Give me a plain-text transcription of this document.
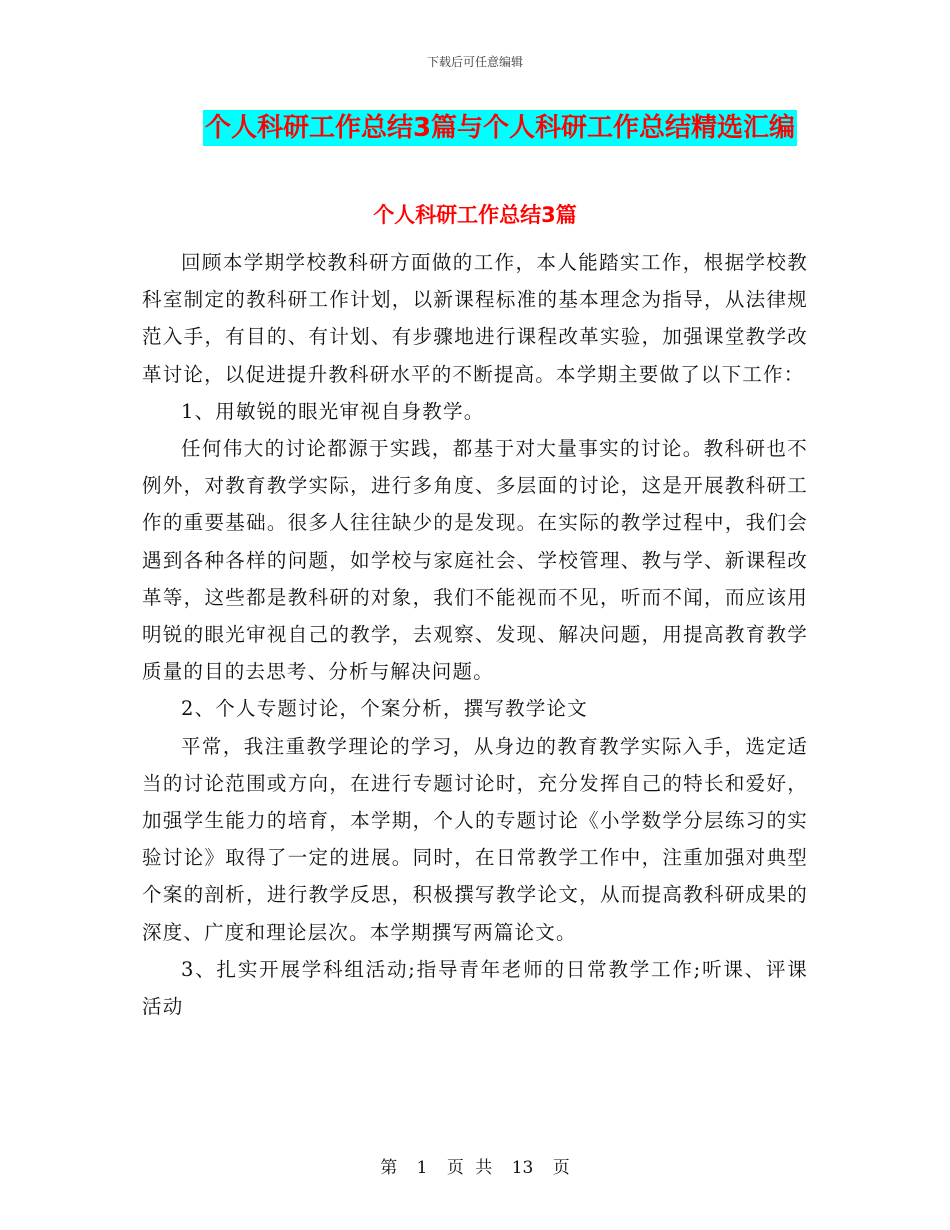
下载后可任意编辑
个人科研工作总结3篇与个人科研工作总结精选汇编
个人科研工作总结3篇

回顾本学期学校教科研方面做的工作，本人能踏实工作，根据学校教科室制定的教科研工作计划，以新课程标准的基本理念为指导，从法律规范入手，有目的、有计划、有步骤地进行课程改革实验，加强课堂教学改革讨论，以促进提升教科研水平的不断提高。本学期主要做了以下工作：

1、用敏锐的眼光审视自身教学。

任何伟大的讨论都源于实践，都基于对大量事实的讨论。教科研也不例外，对教育教学实际，进行多角度、多层面的讨论，这是开展教科研工作的重要基础。很多人往往缺少的是发现。在实际的教学过程中，我们会遇到各种各样的问题，如学校与家庭社会、学校管理、教与学、新课程改革等，这些都是教科研的对象，我们不能视而不见，听而不闻，而应该用明锐的眼光审视自己的教学，去观察、发现、解决问题，用提高教育教学质量的目的去思考、分析与解决问题。

2、个人专题讨论，个案分析，撰写教学论文

平常，我注重教学理论的学习，从身边的教育教学实际入手，选定适当的讨论范围或方向，在进行专题讨论时，充分发挥自己的特长和爱好，加强学生能力的培育，本学期，个人的专题讨论《小学数学分层练习的实验讨论》取得了一定的进展。同时，在日常教学工作中，注重加强对典型个案的剖析，进行教学反思，积极撰写教学论文，从而提高教科研成果的深度、广度和理论层次。本学期撰写两篇论文。

3、扎实开展学科组活动;指导青年老师的日常教学工作;听课、评课活动

第 1 页 共 13 页
